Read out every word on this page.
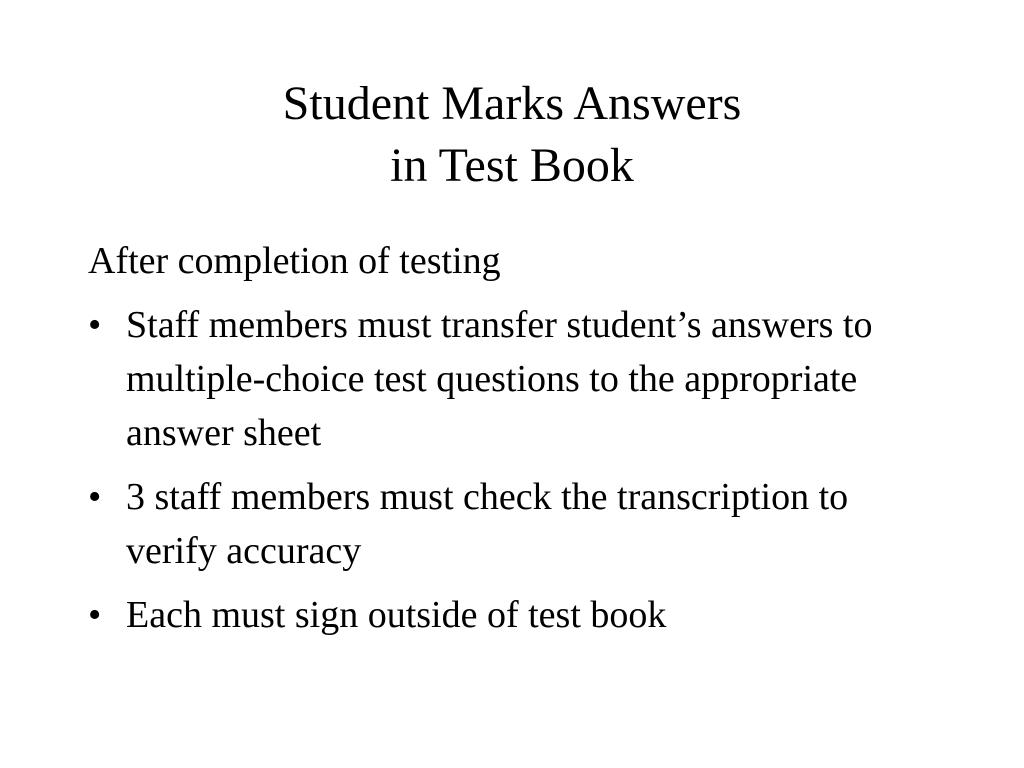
Student Marks Answers
in Test Book

After completion of testing

• Staff members must transfer student’s answers to multiple-choice test questions to the appropriate answer sheet
• 3 staff members must check the transcription to verify accuracy
• Each must sign outside of test book
